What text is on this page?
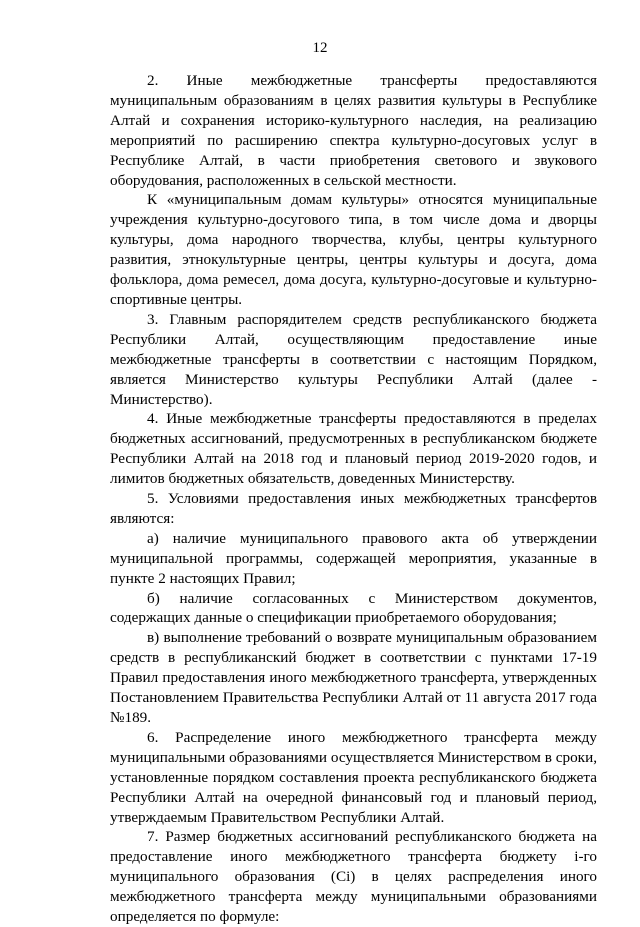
12

2. Иные межбюджетные трансферты предоставляются муниципальным образованиям в целях развития культуры в Республике Алтай и сохранения историко-культурного наследия, на реализацию мероприятий по расширению спектра культурно-досуговых услуг в Республике Алтай, в части приобретения светового и звукового оборудования, расположенных в сельской местности.

К «муниципальным домам культуры» относятся муниципальные учреждения культурно-досугового типа, в том числе дома и дворцы культуры, дома народного творчества, клубы, центры культурного развития, этнокультурные центры, центры культуры и досуга, дома фольклора, дома ремесел, дома досуга, культурно-досуговые и культурно-спортивные центры.

3. Главным распорядителем средств республиканского бюджета Республики Алтай, осуществляющим предоставление иные межбюджетные трансферты в соответствии с настоящим Порядком, является Министерство культуры Республики Алтай (далее - Министерство).

4. Иные межбюджетные трансферты предоставляются в пределах бюджетных ассигнований, предусмотренных в республиканском бюджете Республики Алтай на 2018 год и плановый период 2019-2020 годов, и лимитов бюджетных обязательств, доведенных Министерству.

5. Условиями предоставления иных межбюджетных трансфертов являются:

а) наличие муниципального правового акта об утверждении муниципальной программы, содержащей мероприятия, указанные в пункте 2 настоящих Правил;

б) наличие согласованных с Министерством документов, содержащих данные о спецификации приобретаемого оборудования;

в) выполнение требований о возврате муниципальным образованием средств в республиканский бюджет в соответствии с пунктами 17-19 Правил предоставления иного межбюджетного трансферта, утвержденных Постановлением Правительства Республики Алтай от 11 августа 2017 года №189.

6. Распределение иного межбюджетного трансферта между муниципальными образованиями осуществляется Министерством в сроки, установленные порядком составления проекта республиканского бюджета Республики Алтай на очередной финансовый год и плановый период, утверждаемым Правительством Республики Алтай.

7. Размер бюджетных ассигнований республиканского бюджета на предоставление иного межбюджетного трансферта бюджету i-го муниципального образования (Ci) в целях распределения иного межбюджетного трансферта между муниципальными образованиями определяется по формуле:
